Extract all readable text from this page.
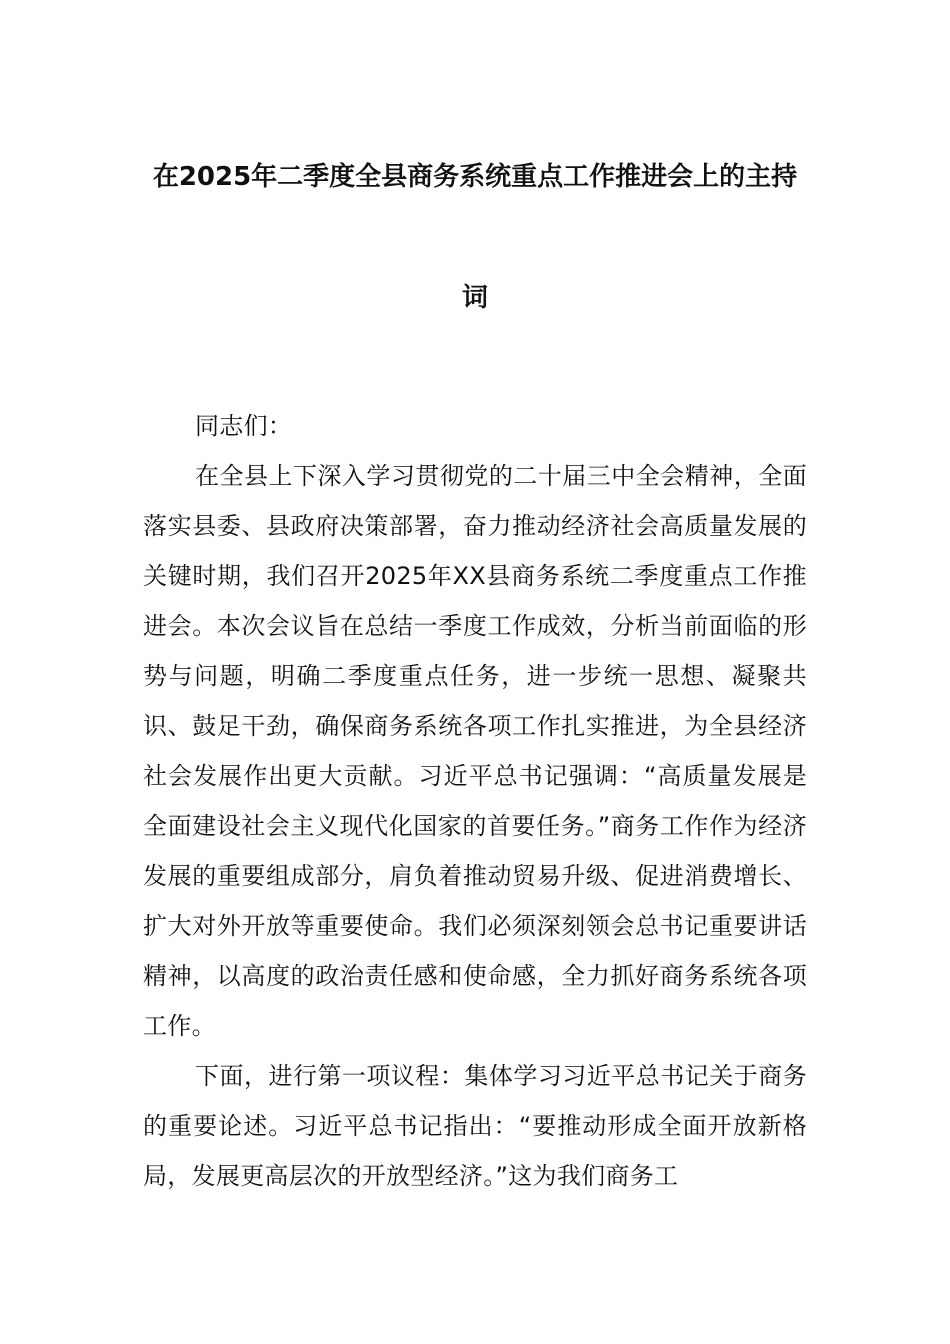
在2025年二季度全县商务系统重点工作推进会上的主持
词

同志们：

在全县上下深入学习贯彻党的二十届三中全会精神，全面落实县委、县政府决策部署，奋力推动经济社会高质量发展的关键时期，我们召开2025年XX县商务系统二季度重点工作推进会。本次会议旨在总结一季度工作成效，分析当前面临的形势与问题，明确二季度重点任务，进一步统一思想、凝聚共识、鼓足干劲，确保商务系统各项工作扎实推进，为全县经济社会发展作出更大贡献。习近平总书记强调：“高质量发展是全面建设社会主义现代化国家的首要任务。”商务工作作为经济发展的重要组成部分，肩负着推动贸易升级、促进消费增长、扩大对外开放等重要使命。我们必须深刻领会总书记重要讲话精神，以高度的政治责任感和使命感，全力抓好商务系统各项工作。

下面，进行第一项议程：集体学习习近平总书记关于商务的重要论述。习近平总书记指出：“要推动形成全面开放新格局，发展更高层次的开放型经济。”这为我们商务工
